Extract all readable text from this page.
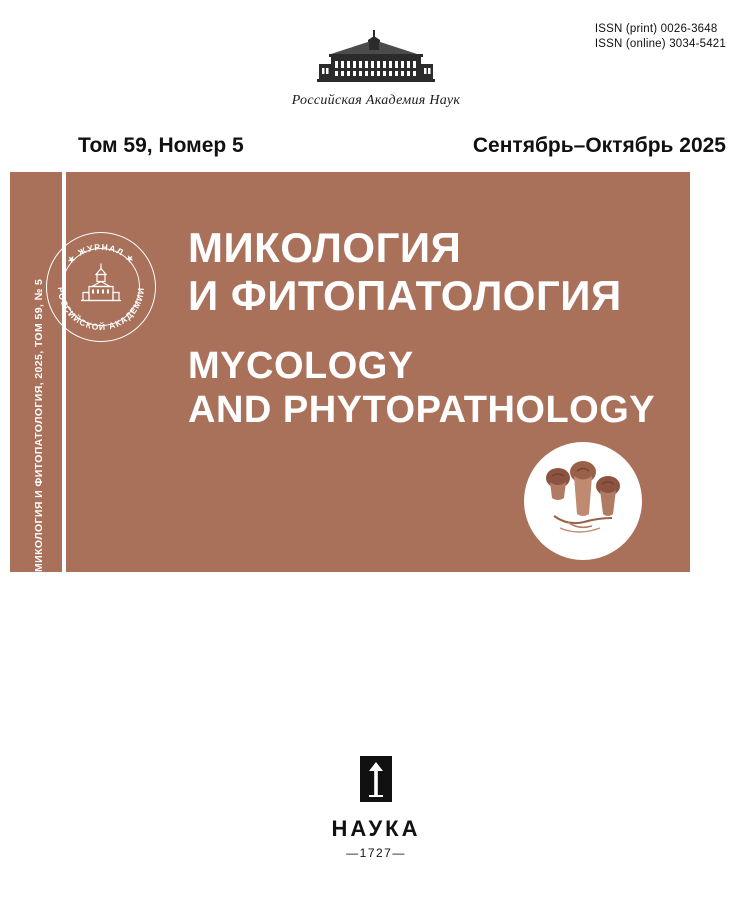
ISSN (print) 0026-3648
ISSN (online) 3034-5421
Российская Академия Наук
Том 59, Номер 5	Сентябрь–Октябрь 2025
МИКОЛОГИЯ И ФИТОПАТОЛОГИЯ, 2025, ТОМ 59, № 5
★ ЖУРНАЛ ★
РОССИЙСКОЙ АКАДЕМИИ
МИКОЛОГИЯ
И ФИТОПАТОЛОГИЯ
MYCOLOGY
AND PHYTOPATHOLOGY
НАУКА
—1727—
